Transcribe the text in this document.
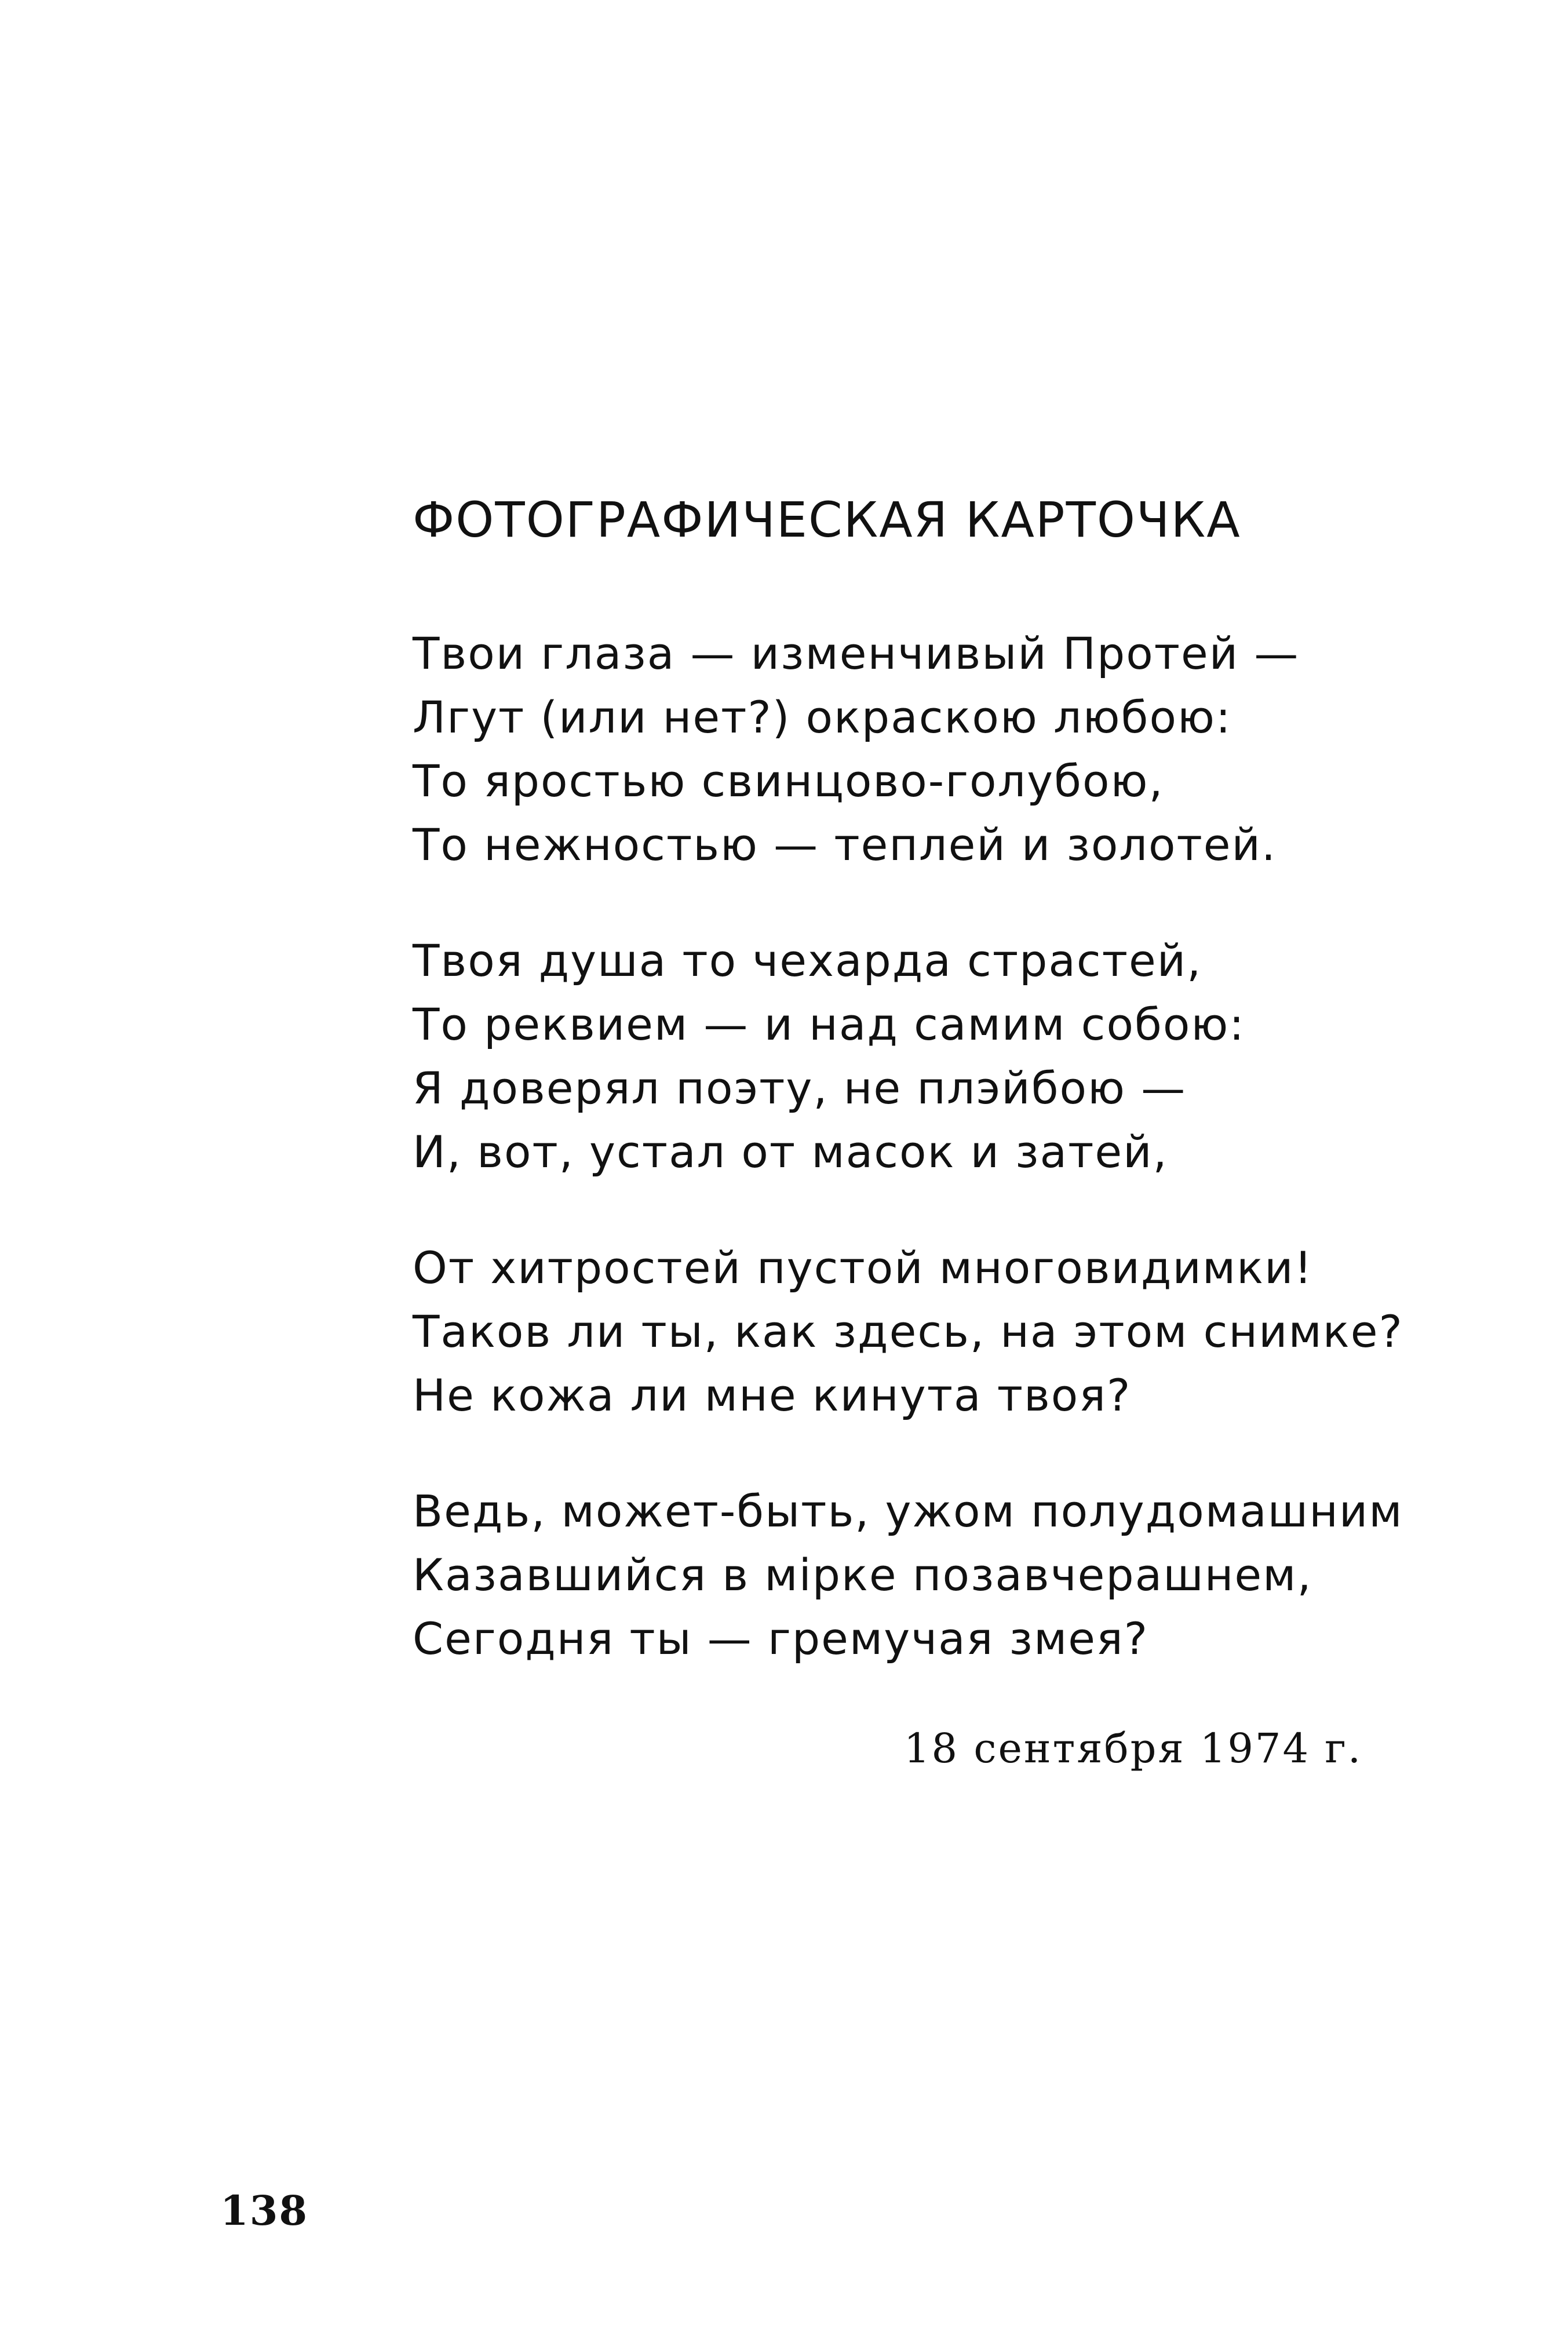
ФОТОГРАФИЧЕСКАЯ КАРТОЧКА
Твои глаза — изменчивый Протей —
Лгут (или нет?) окраскою любою:
То яростью свинцово-голубою,
То нежностью — теплей и золотей.
Твоя душа то чехарда страстей,
То реквием — и над самим собою:
Я доверял поэту, не плэйбою —
И, вот, устал от масок и затей,
От хитростей пустой многовидимки!
Таков ли ты, как здесь, на этом снимке?
Не кожа ли мне кинута твоя?
Ведь, может-быть, ужом полудомашним
Казавшийся в мірке позавчерашнем,
Сегодня ты — гремучая змея?
18 сентября 1974 г.
138
